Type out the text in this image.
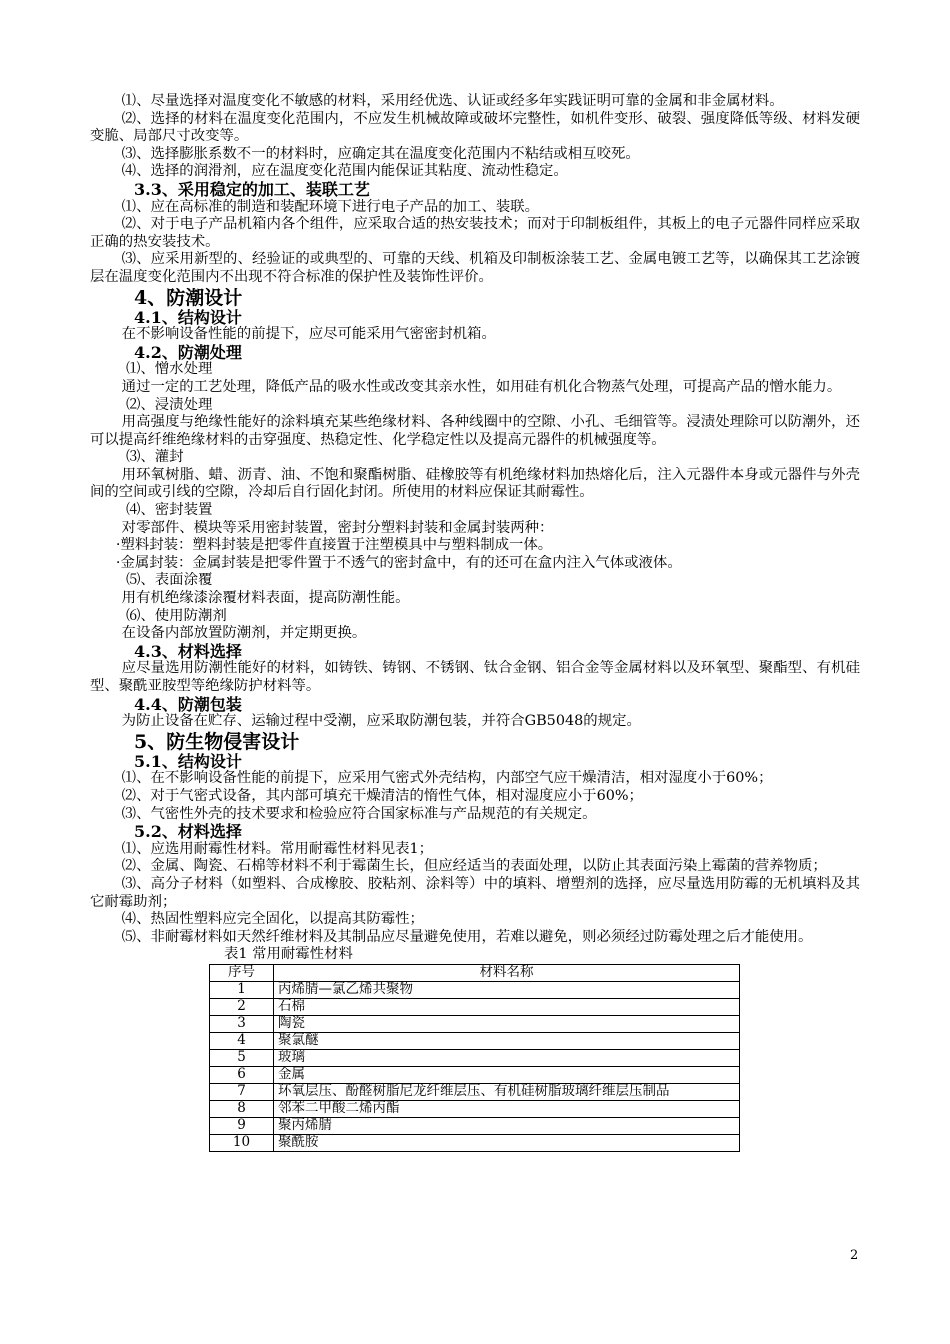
⑴、尽量选择对温度变化不敏感的材料，采用经优选、认证或经多年实践证明可靠的金属和非金属材料。

⑵、选择的材料在温度变化范围内，不应发生机械故障或破坏完整性，如机件变形、破裂、强度降低等级、材料发硬变脆、局部尺寸改变等。

⑶、选择膨胀系数不一的材料时，应确定其在温度变化范围内不粘结或相互咬死。

⑷、选择的润滑剂，应在温度变化范围内能保证其粘度、流动性稳定。

3.3、采用稳定的加工、装联工艺

⑴、应在高标准的制造和装配环境下进行电子产品的加工、装联。

⑵、对于电子产品机箱内各个组件，应采取合适的热安装技术；而对于印制板组件，其板上的电子元器件同样应采取正确的热安装技术。

⑶、应采用新型的、经验证的或典型的、可靠的天线、机箱及印制板涂装工艺、金属电镀工艺等，以确保其工艺涂镀层在温度变化范围内不出现不符合标准的保护性及装饰性评价。

4、防潮设计

4.1、结构设计

在不影响设备性能的前提下，应尽可能采用气密密封机箱。

4.2、防潮处理

⑴、憎水处理

通过一定的工艺处理，降低产品的吸水性或改变其亲水性，如用硅有机化合物蒸气处理，可提高产品的憎水能力。

⑵、浸渍处理

用高强度与绝缘性能好的涂料填充某些绝缘材料、各种线圈中的空隙、小孔、毛细管等。浸渍处理除可以防潮外，还可以提高纤维绝缘材料的击穿强度、热稳定性、化学稳定性以及提高元器件的机械强度等。

⑶、灌封

用环氧树脂、蜡、沥青、油、不饱和聚酯树脂、硅橡胶等有机绝缘材料加热熔化后，注入元器件本身或元器件与外壳间的空间或引线的空隙，冷却后自行固化封闭。所使用的材料应保证其耐霉性。

⑷、密封装置

对零部件、模块等采用密封装置，密封分塑料封装和金属封装两种：

·塑料封装：塑料封装是把零件直接置于注塑模具中与塑料制成一体。

·金属封装：金属封装是把零件置于不透气的密封盒中，有的还可在盒内注入气体或液体。

⑸、表面涂覆

用有机绝缘漆涂覆材料表面，提高防潮性能。

⑹、使用防潮剂

在设备内部放置防潮剂，并定期更换。

4.3、材料选择

应尽量选用防潮性能好的材料，如铸铁、铸钢、不锈钢、钛合金钢、铝合金等金属材料以及环氧型、聚酯型、有机硅型、聚酰亚胺型等绝缘防护材料等。

4.4、防潮包装

为防止设备在贮存、运输过程中受潮，应采取防潮包装，并符合GB5048的规定。

5、防生物侵害设计

5.1、结构设计

⑴、在不影响设备性能的前提下，应采用气密式外壳结构，内部空气应干燥清洁，相对湿度小于60%；

⑵、对于气密式设备，其内部可填充干燥清洁的惰性气体，相对湿度应小于60%；

⑶、气密性外壳的技术要求和检验应符合国家标准与产品规范的有关规定。

5.2、材料选择

⑴、应选用耐霉性材料。常用耐霉性材料见表1；

⑵、金属、陶瓷、石棉等材料不利于霉菌生长，但应经适当的表面处理，以防止其表面污染上霉菌的营养物质；

⑶、高分子材料（如塑料、合成橡胶、胶粘剂、涂料等）中的填料、增塑剂的选择，应尽量选用防霉的无机填料及其它耐霉助剂；

⑷、热固性塑料应完全固化，以提高其防霉性；

⑸、非耐霉材料如天然纤维材料及其制品应尽量避免使用，若难以避免，则必须经过防霉处理之后才能使用。

表1 常用耐霉性材料

序号	材料名称
1	丙烯腈—氯乙烯共聚物
2	石棉
3	陶瓷
4	聚氯醚
5	玻璃
6	金属
7	环氧层压、酚醛树脂尼龙纤维层压、有机硅树脂玻璃纤维层压制品
8	邻苯二甲酸二烯丙酯
9	聚丙烯腈
10	聚酰胺
2
